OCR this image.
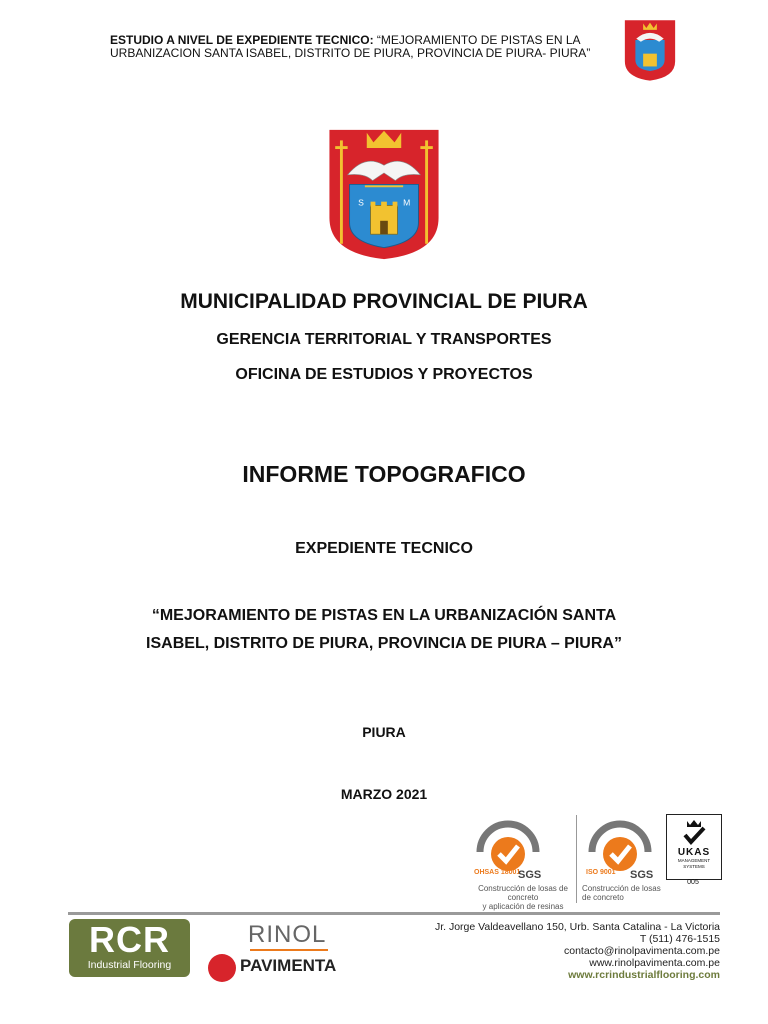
ESTUDIO A NIVEL DE EXPEDIENTE TECNICO: “MEJORAMIENTO DE PISTAS EN LA URBANIZACION SANTA ISABEL, DISTRITO DE PIURA, PROVINCIA DE PIURA- PIURA”
S	M
MUNICIPALIDAD PROVINCIAL DE PIURA
GERENCIA TERRITORIAL Y TRANSPORTES
OFICINA DE ESTUDIOS Y PROYECTOS
INFORME TOPOGRAFICO
EXPEDIENTE TECNICO
“MEJORAMIENTO DE PISTAS EN LA URBANIZACIÓN SANTA
ISABEL, DISTRITO DE PIURA, PROVINCIA DE PIURA – PIURA”
PIURA
MARZO 2021
OHSAS 18001
SGS
Construcción de losas de concreto
y aplicación de resinas
ISO 9001 SGS
Construcción de losas de concreto
UKAS
MANAGEMENT SYSTEMS
005
RCR
Industrial Flooring
RINOL
PAVIMENTA
Jr. Jorge Valdeavellano 150, Urb. Santa Catalina - La Victoria
T (511) 476-1515
contacto@rinolpavimenta.com.pe
www.rinolpavimenta.com.pe
www.rcrindustrialflooring.com
